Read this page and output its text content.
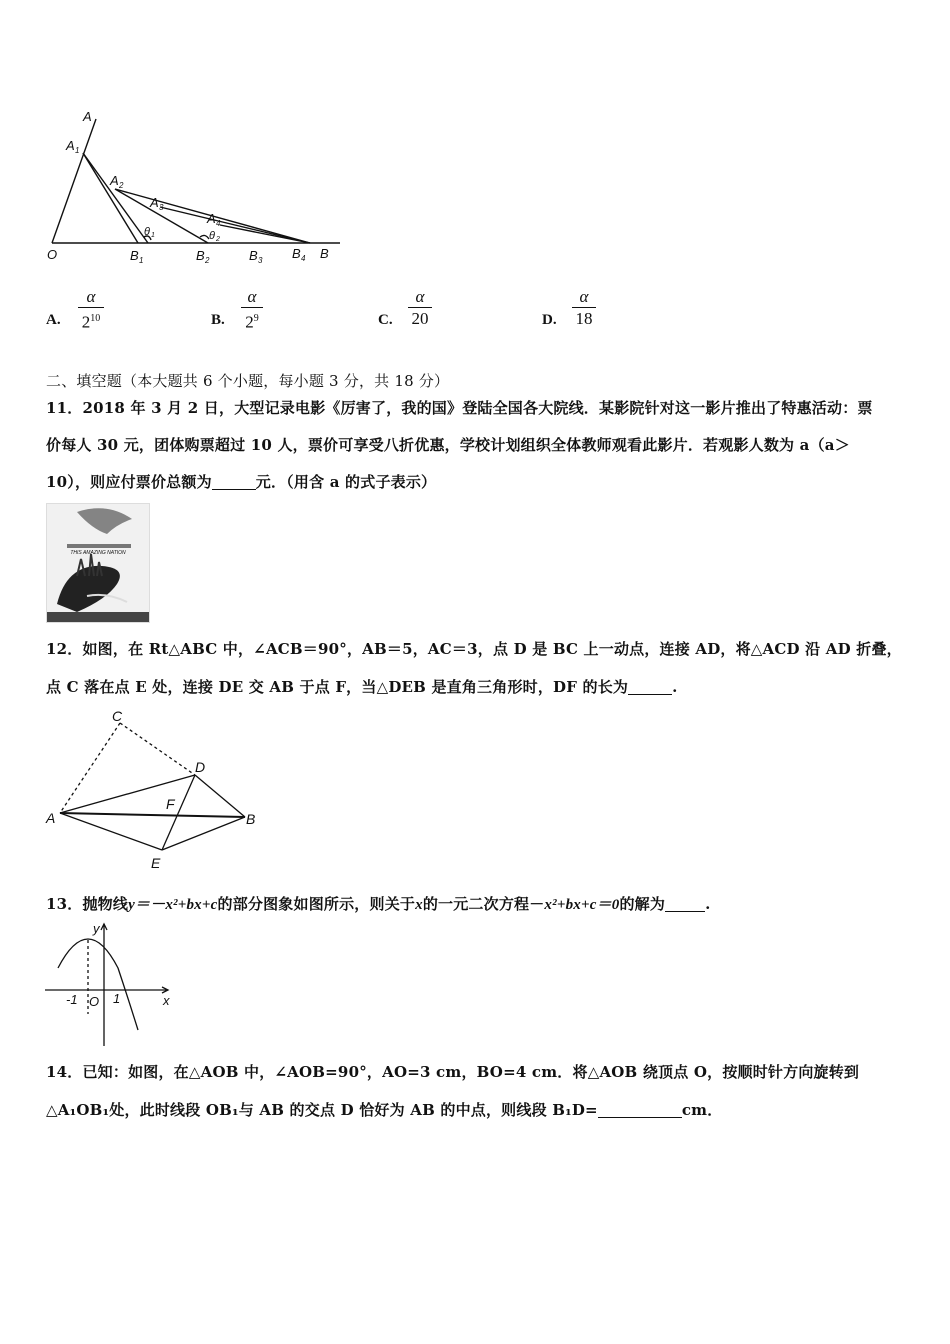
A
A 1
A 2
A 3
A 4
θ 1	θ 2
O	B 1	B 2	B 3 B 4 B
A.
α
$2^{10}$	B.
α
$2^9$	C.
α
20	D.
α
18
二、填空题（本大题共 6 个小题，每小题 3 分，共 18 分）
11．2018 年 3 月 2 日，大型记录电影《厉害了，我的国》登陆全国各大院线．某影院针对这一影片推出了特惠活动：票
价每人 30 元，团体购票超过 10 人，票价可享受八折优惠，学校计划组织全体教师观看此影片．若观影人数为 a（a＞
10），则应付票价总额为	元．（用含 a 的式子表示）
THIS AMAZING NATION
12．如图，在 Rt△ABC 中，∠ACB＝90°，AB＝5，AC＝3，点 D 是 BC 上一动点，连接 AD，将△ACD 沿 AD 折叠，
点 C 落在点 E 处，连接 DE 交 AB 于点 F，当△DEB 是直角三角形时，DF 的长为	.
C
D
A
F
B
E
13．抛物线y＝－x²+bx+c的部分图象如图所示，则关于x的一元二次方程－x²+bx+c＝0的解为	.
y
x
-1 O 1
14．已知：如图，在△AOB 中，∠AOB=90°，AO=3 cm，BO=4 cm．将△AOB 绕顶点 O，按顺时针方向旋转到
△A₁OB₁处，此时线段 OB₁与 AB 的交点 D 恰好为 AB 的中点，则线段 B₁D=	cm．
